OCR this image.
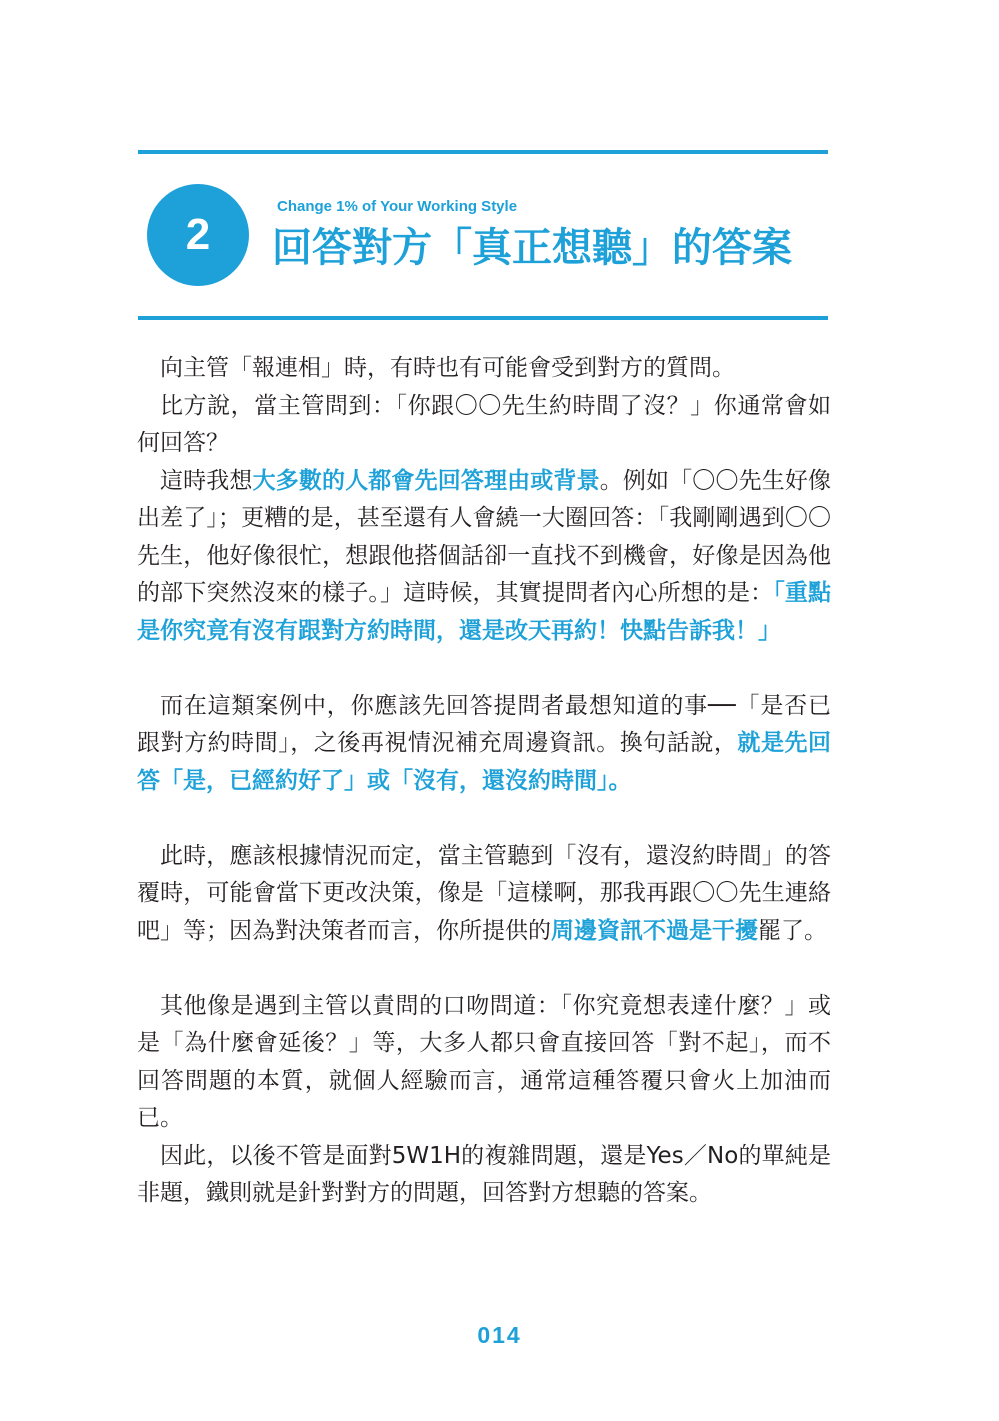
2
Change 1% of Your Working Style
回答對方「真正想聽」的答案

向主管「報連相」時，有時也有可能會受到對方的質問。

比方說，當主管問到：「你跟〇〇先生約時間了沒？」你通常會如何回答？

這時我想大多數的人都會先回答理由或背景。例如「〇〇先生好像出差了」；更糟的是，甚至還有人會繞一大圈回答：「我剛剛遇到〇〇先生，他好像很忙，想跟他搭個話卻一直找不到機會，好像是因為他的部下突然沒來的樣子。」這時候，其實提問者內心所想的是：「重點是你究竟有沒有跟對方約時間，還是改天再約！快點告訴我！」

而在這類案例中，你應該先回答提問者最想知道的事──「是否已跟對方約時間」，之後再視情況補充周邊資訊。換句話說，就是先回答「是，已經約好了」或「沒有，還沒約時間」。

此時，應該根據情況而定，當主管聽到「沒有，還沒約時間」的答覆時，可能會當下更改決策，像是「這樣啊，那我再跟〇〇先生連絡吧」等；因為對決策者而言，你所提供的周邊資訊不過是干擾罷了。

其他像是遇到主管以責問的口吻問道：「你究竟想表達什麼？」或是「為什麼會延後？」等，大多人都只會直接回答「對不起」，而不回答問題的本質，就個人經驗而言，通常這種答覆只會火上加油而已。

因此，以後不管是面對5W1H的複雜問題，還是Yes／No的單純是非題，鐵則就是針對對方的問題，回答對方想聽的答案。

014
